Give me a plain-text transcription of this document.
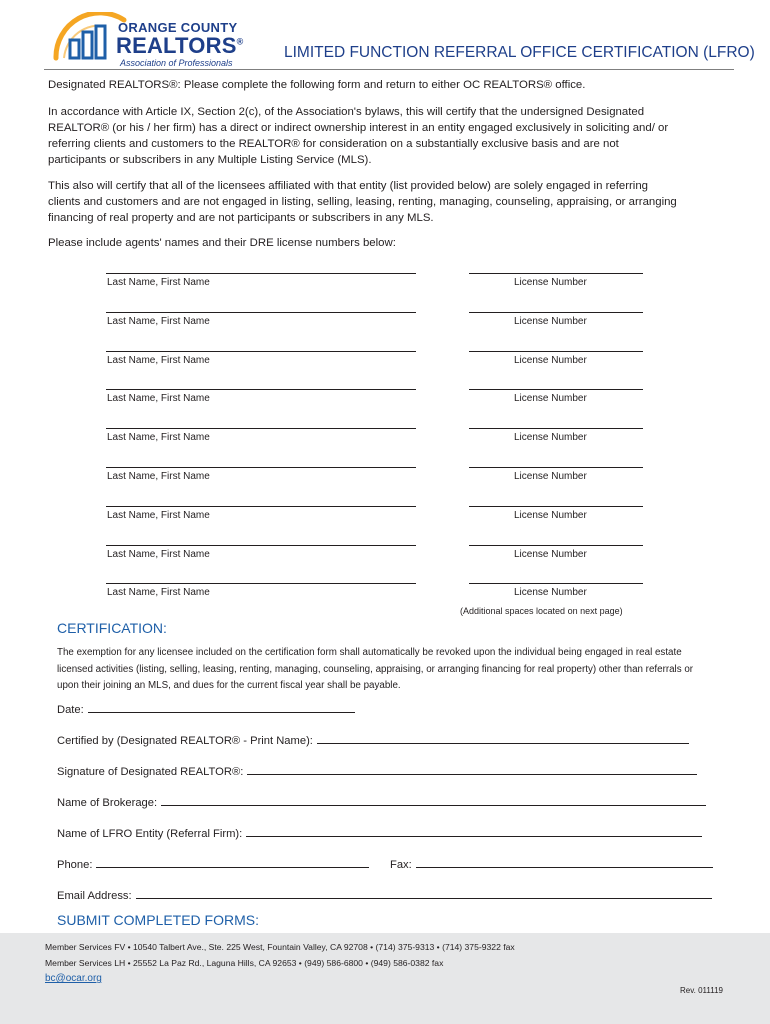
ORANGE COUNTY
REALTORS®
Association of Professionals
LIMITED FUNCTION REFERRAL OFFICE CERTIFICATION (LFRO)
Designated REALTORS®: Please complete the following form and return to either OC REALTORS® office.
In accordance with Article IX, Section 2(c), of the Association's bylaws, this will certify that the undersigned Designated REALTOR® (or his / her firm) has a direct or indirect ownership interest in an entity engaged exclusively in soliciting and/ or referring clients and customers to the REALTOR® for consideration on a substantially exclusive basis and are not participants or subscribers in any Multiple Listing Service (MLS).
This also will certify that all of the licensees affiliated with that entity (list provided below) are solely engaged in referring clients and customers and are not engaged in listing, selling, leasing, renting, managing, counseling, appraising, or arranging financing of real property and are not participants or subscribers in any MLS.
Please include agents' names and their DRE license numbers below:
Last Name, First Name	License Number
Last Name, First Name	License Number
Last Name, First Name	License Number
Last Name, First Name	License Number
Last Name, First Name	License Number
Last Name, First Name	License Number
Last Name, First Name	License Number
Last Name, First Name	License Number
Last Name, First Name	License Number
(Additional spaces located on next page)
CERTIFICATION:
The exemption for any licensee included on the certification form shall automatically be revoked upon the individual being engaged in real estate licensed activities (listing, selling, leasing, renting, managing, counseling, appraising, or arranging financing for real property) other than referrals or upon their joining an MLS, and dues for the current fiscal year shall be payable.
Date:
Certified by (Designated REALTOR® - Print Name):
Signature of Designated REALTOR®:
Name of Brokerage:
Name of LFRO Entity (Referral Firm):
Phone:	Fax:
Email Address:
SUBMIT COMPLETED FORMS:
Member Services FV • 10540 Talbert Ave., Ste. 225 West, Fountain Valley, CA 92708 • (714) 375-9313 • (714) 375-9322 fax
Member Services LH • 25552 La Paz Rd., Laguna Hills, CA 92653 • (949) 586-6800 • (949) 586-0382 fax
bc@ocar.org
Rev. 011119
